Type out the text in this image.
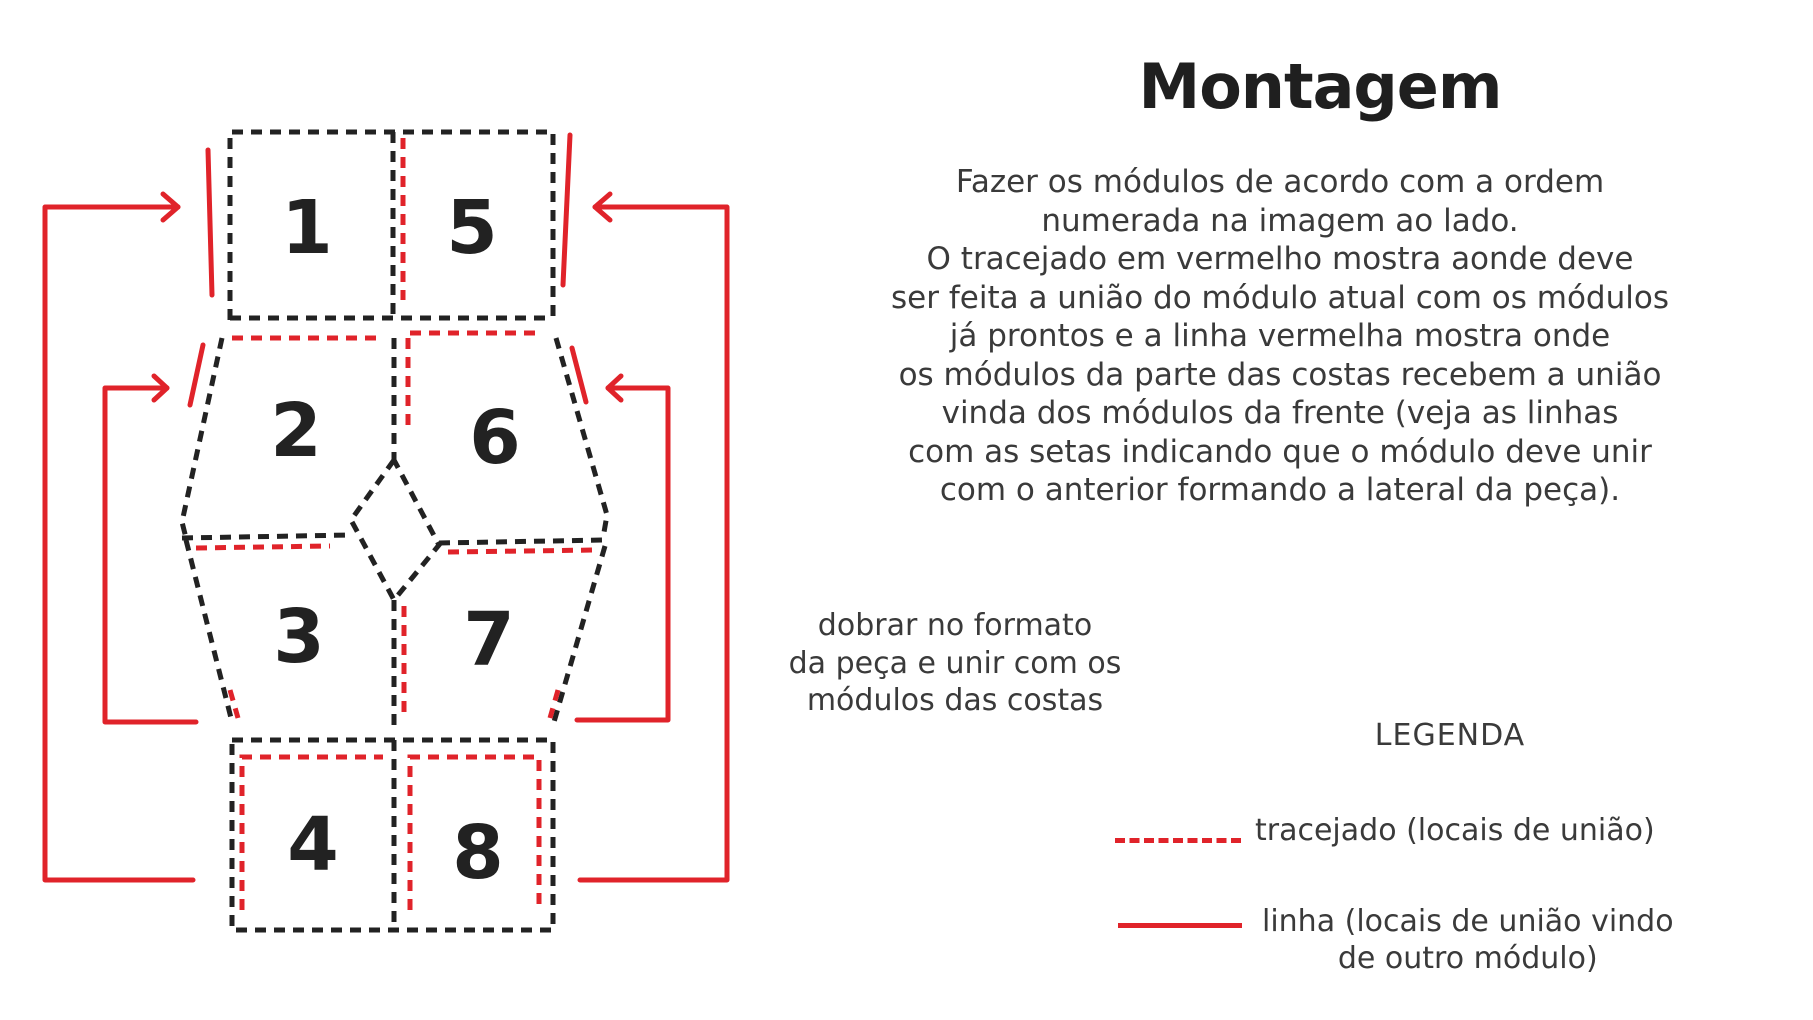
1
2
3
4
5
6
7
8
Montagem

Fazer os módulos de acordo com a ordem
numerada na imagem ao lado.
O tracejado em vermelho mostra aonde deve
ser feita a união do módulo atual com os módulos
já prontos e a linha vermelha mostra onde
os módulos da parte das costas recebem a união
vinda dos módulos da frente (veja as linhas
com as setas indicando que o módulo deve unir
com o anterior formando a lateral da peça).

dobrar no formato
da peça e unir com os
módulos das costas

LEGENDA
tracejado (locais de união)
linha (locais de união vindo
de outro módulo)
